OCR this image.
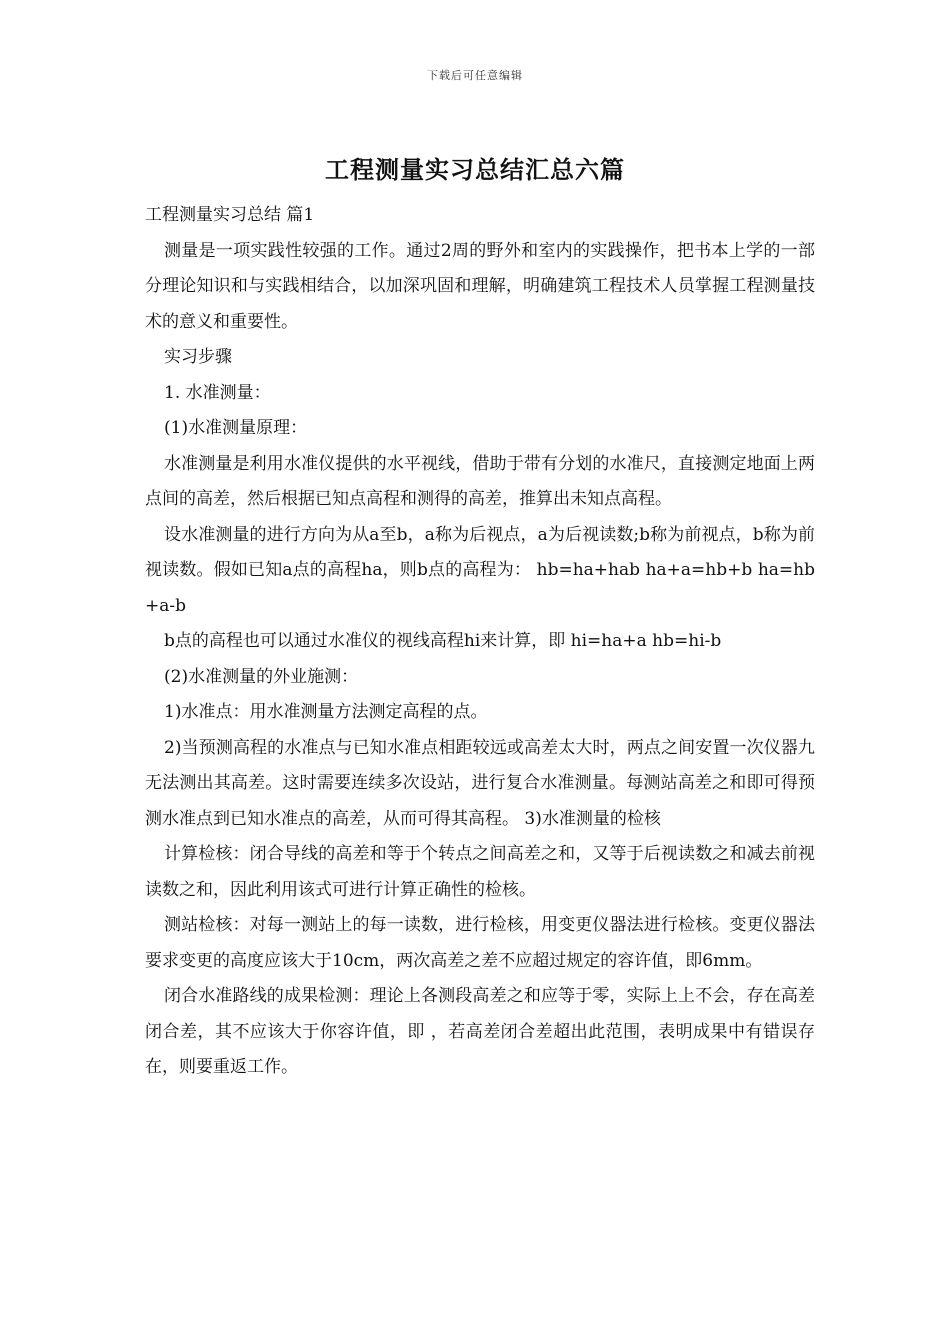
下载后可任意编辑
工程测量实习总结汇总六篇

工程测量实习总结 篇1

测量是一项实践性较强的工作。通过2周的野外和室内的实践操作，把书本上学的一部分理论知识和与实践相结合，以加深巩固和理解，明确建筑工程技术人员掌握工程测量技术的意义和重要性。

实习步骤

1. 水准测量：

(1)水准测量原理：

水准测量是利用水准仪提供的水平视线，借助于带有分划的水准尺，直接测定地面上两点间的高差，然后根据已知点高程和测得的高差，推算出未知点高程。

设水准测量的进行方向为从a至b，a称为后视点，a为后视读数;b称为前视点，b称为前视读数。假如已知a点的高程ha，则b点的高程为： hb=ha+hab ha+a=hb+b ha=hb+a-b

b点的高程也可以通过水准仪的视线高程hi来计算，即 hi=ha+a hb=hi-b

(2)水准测量的外业施测：

1)水准点：用水准测量方法测定高程的点。

2)当预测高程的水准点与已知水准点相距较远或高差太大时，两点之间安置一次仪器九无法测出其高差。这时需要连续多次设站，进行复合水准测量。每测站高差之和即可得预测水准点到已知水准点的高差，从而可得其高程。 3)水准测量的检核

计算检核：闭合导线的高差和等于个转点之间高差之和，又等于后视读数之和减去前视读数之和，因此利用该式可进行计算正确性的检核。

测站检核：对每一测站上的每一读数，进行检核，用变更仪器法进行检核。变更仪器法要求变更的高度应该大于10cm，两次高差之差不应超过规定的容许值，即6mm。

闭合水准路线的成果检测：理论上各测段高差之和应等于零，实际上上不会，存在高差闭合差，其不应该大于你容许值，即 ，若高差闭合差超出此范围，表明成果中有错误存在，则要重返工作。
